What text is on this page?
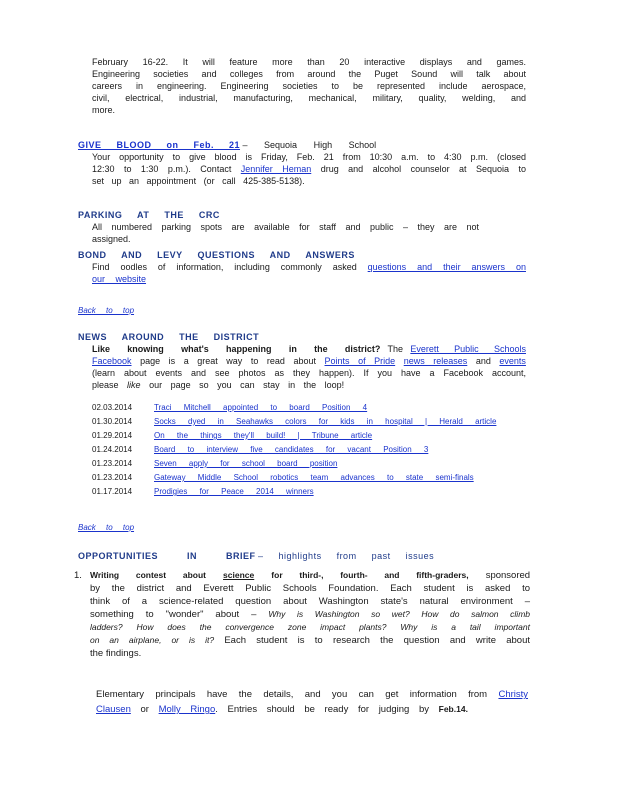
February 16-22. It will feature more than 20 interactive displays and games.
Engineering societies and colleges from around the Puget Sound will talk about
careers in engineering. Engineering societies to be represented include aerospace,
civil, electrical, industrial, manufacturing, mechanical, military, quality, welding, and
more.
GIVE BLOOD on Feb. 21 – Sequoia High School
Your opportunity to give blood is Friday, Feb. 21 from 10:30 a.m. to 4:30 p.m. (closed
12:30 to 1:30 p.m.). Contact Jennifer Heman drug and alcohol counselor at Sequoia to
set up an appointment (or call 425-385-5138).
PARKING AT THE CRC
All numbered parking spots are available for staff and public – they are not assigned.
BOND AND LEVY QUESTIONS AND ANSWERS
Find oodles of information, including commonly asked questions and their answers on
our website
Back to top
NEWS AROUND THE DISTRICT
Like knowing what's happening in the district? The Everett Public Schools
Facebook page is a great way to read about Points of Pride news releases and events
(learn about events and see photos as they happen). If you have a Facebook account,
please like our page so you can stay in the loop!
02.03.2014	Traci Mitchell appointed to board Position 4
01.30.2014	Socks dyed in Seahawks colors for kids in hospital | Herald article
01.29.2014	On the things they'll build! | Tribune article
01.24.2014	Board to interview five candidates for vacant Position 3
01.23.2014	Seven apply for school board position
01.23.2014	Gateway Middle School robotics team advances to state semi-finals
01.17.2014	Prodigies for Peace 2014 winners
Back to top
OPPORTUNITIES IN BRIEF – highlights from past issues
1. Writing contest about science for third-, fourth- and fifth-graders, sponsored
by the district and Everett Public Schools Foundation. Each student is asked to
think of a science-related question about Washington state's natural environment –
something to "wonder" about – Why is Washington so wet? How do salmon climb
ladders? How does the convergence zone impact plants? Why is a tail important
on an airplane, or is it? Each student is to research the question and write about
the findings.
Elementary principals have the details, and you can get information from Christy
Clausen or Molly Ringo. Entries should be ready for judging by Feb.14.
